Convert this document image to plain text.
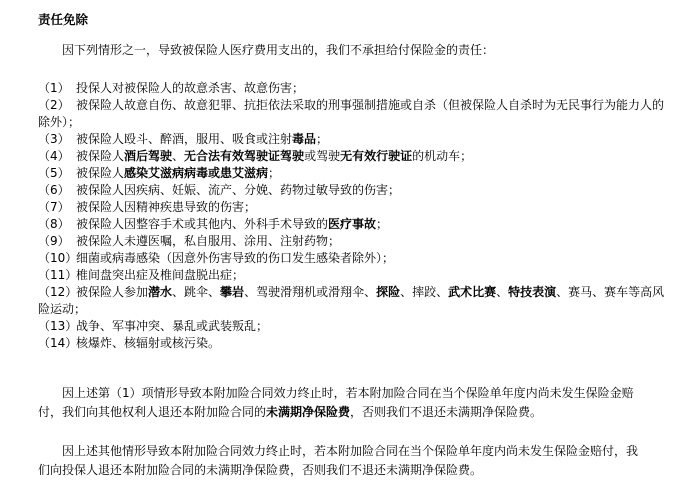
责任免除
因下列情形之一，导致被保险人医疗费用支出的，我们不承担给付保险金的责任：
（1） 投保人对被保险人的故意杀害、故意伤害；
（2） 被保险人故意自伤、故意犯罪、抗拒依法采取的刑事强制措施或自杀（但被保险人自杀时为无民事行为能力人的除外）；
（3） 被保险人殴斗、醉酒，服用、吸食或注射毒品；
（4） 被保险人酒后驾驶、无合法有效驾驶证驾驶或驾驶无有效行驶证的机动车；
（5） 被保险人感染艾滋病病毒或患艾滋病；
（6） 被保险人因疾病、妊娠、流产、分娩、药物过敏导致的伤害；
（7） 被保险人因精神疾患导致的伤害；
（8） 被保险人因整容手术或其他内、外科手术导致的医疗事故；
（9） 被保险人未遵医嘱，私自服用、涂用、注射药物；
（10）细菌或病毒感染（因意外伤害导致的伤口发生感染者除外）；
（11）椎间盘突出症及椎间盘脱出症；
（12）被保险人参加潜水、跳伞、攀岩、驾驶滑翔机或滑翔伞、探险、摔跤、武术比赛、特技表演、赛马、赛车等高风险运动；
（13）战争、军事冲突、暴乱或武装叛乱；
（14）核爆炸、核辐射或核污染。
因上述第（1）项情形导致本附加险合同效力终止时，若本附加险合同在当个保险单年度内尚未发生保险金赔付，我们向其他权利人退还本附加险合同的未满期净保险费，否则我们不退还未满期净保险费。
因上述其他情形导致本附加险合同效力终止时，若本附加险合同在当个保险单年度内尚未发生保险金赔付，我们向投保人退还本附加险合同的未满期净保险费，否则我们不退还未满期净保险费。
